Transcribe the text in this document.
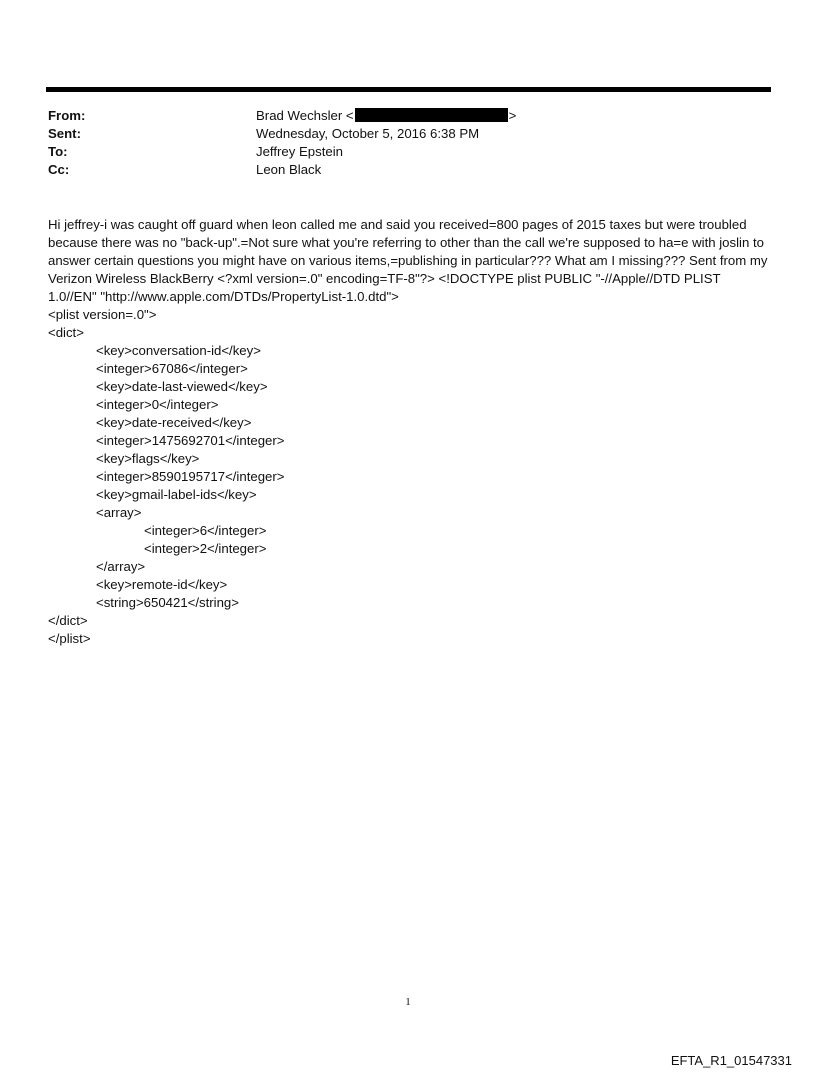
From:	Brad Wechsler <	>
Sent:	Wednesday, October 5, 2016 6:38 PM
To:	Jeffrey Epstein
Cc:	Leon Black

Hi jeffrey-i was caught off guard when leon called me and said you received=800 pages of 2015 taxes but were troubled because there was no "back-up".=Not sure what you're referring to other than the call we're supposed to ha=e with joslin to answer certain questions you might have on various items,=publishing in particular??? What am I missing??? Sent from my Verizon Wireless BlackBerry <?xml version=.0" encoding=TF-8"?> <!DOCTYPE plist PUBLIC "-//Apple//DTD PLIST 1.0//EN" "http://www.apple.com/DTDs/PropertyList-1.0.dtd">

<plist version=.0">
<dict>
<key>conversation-id</key>
<integer>67086</integer>
<key>date-last-viewed</key>
<integer>0</integer>
<key>date-received</key>
<integer>1475692701</integer>
<key>flags</key>
<integer>8590195717</integer>
<key>gmail-label-ids</key>
<array>
<integer>6</integer>
<integer>2</integer>
</array>
<key>remote-id</key>
<string>650421</string>
</dict>
</plist>
1
EFTA_R1_01547331
